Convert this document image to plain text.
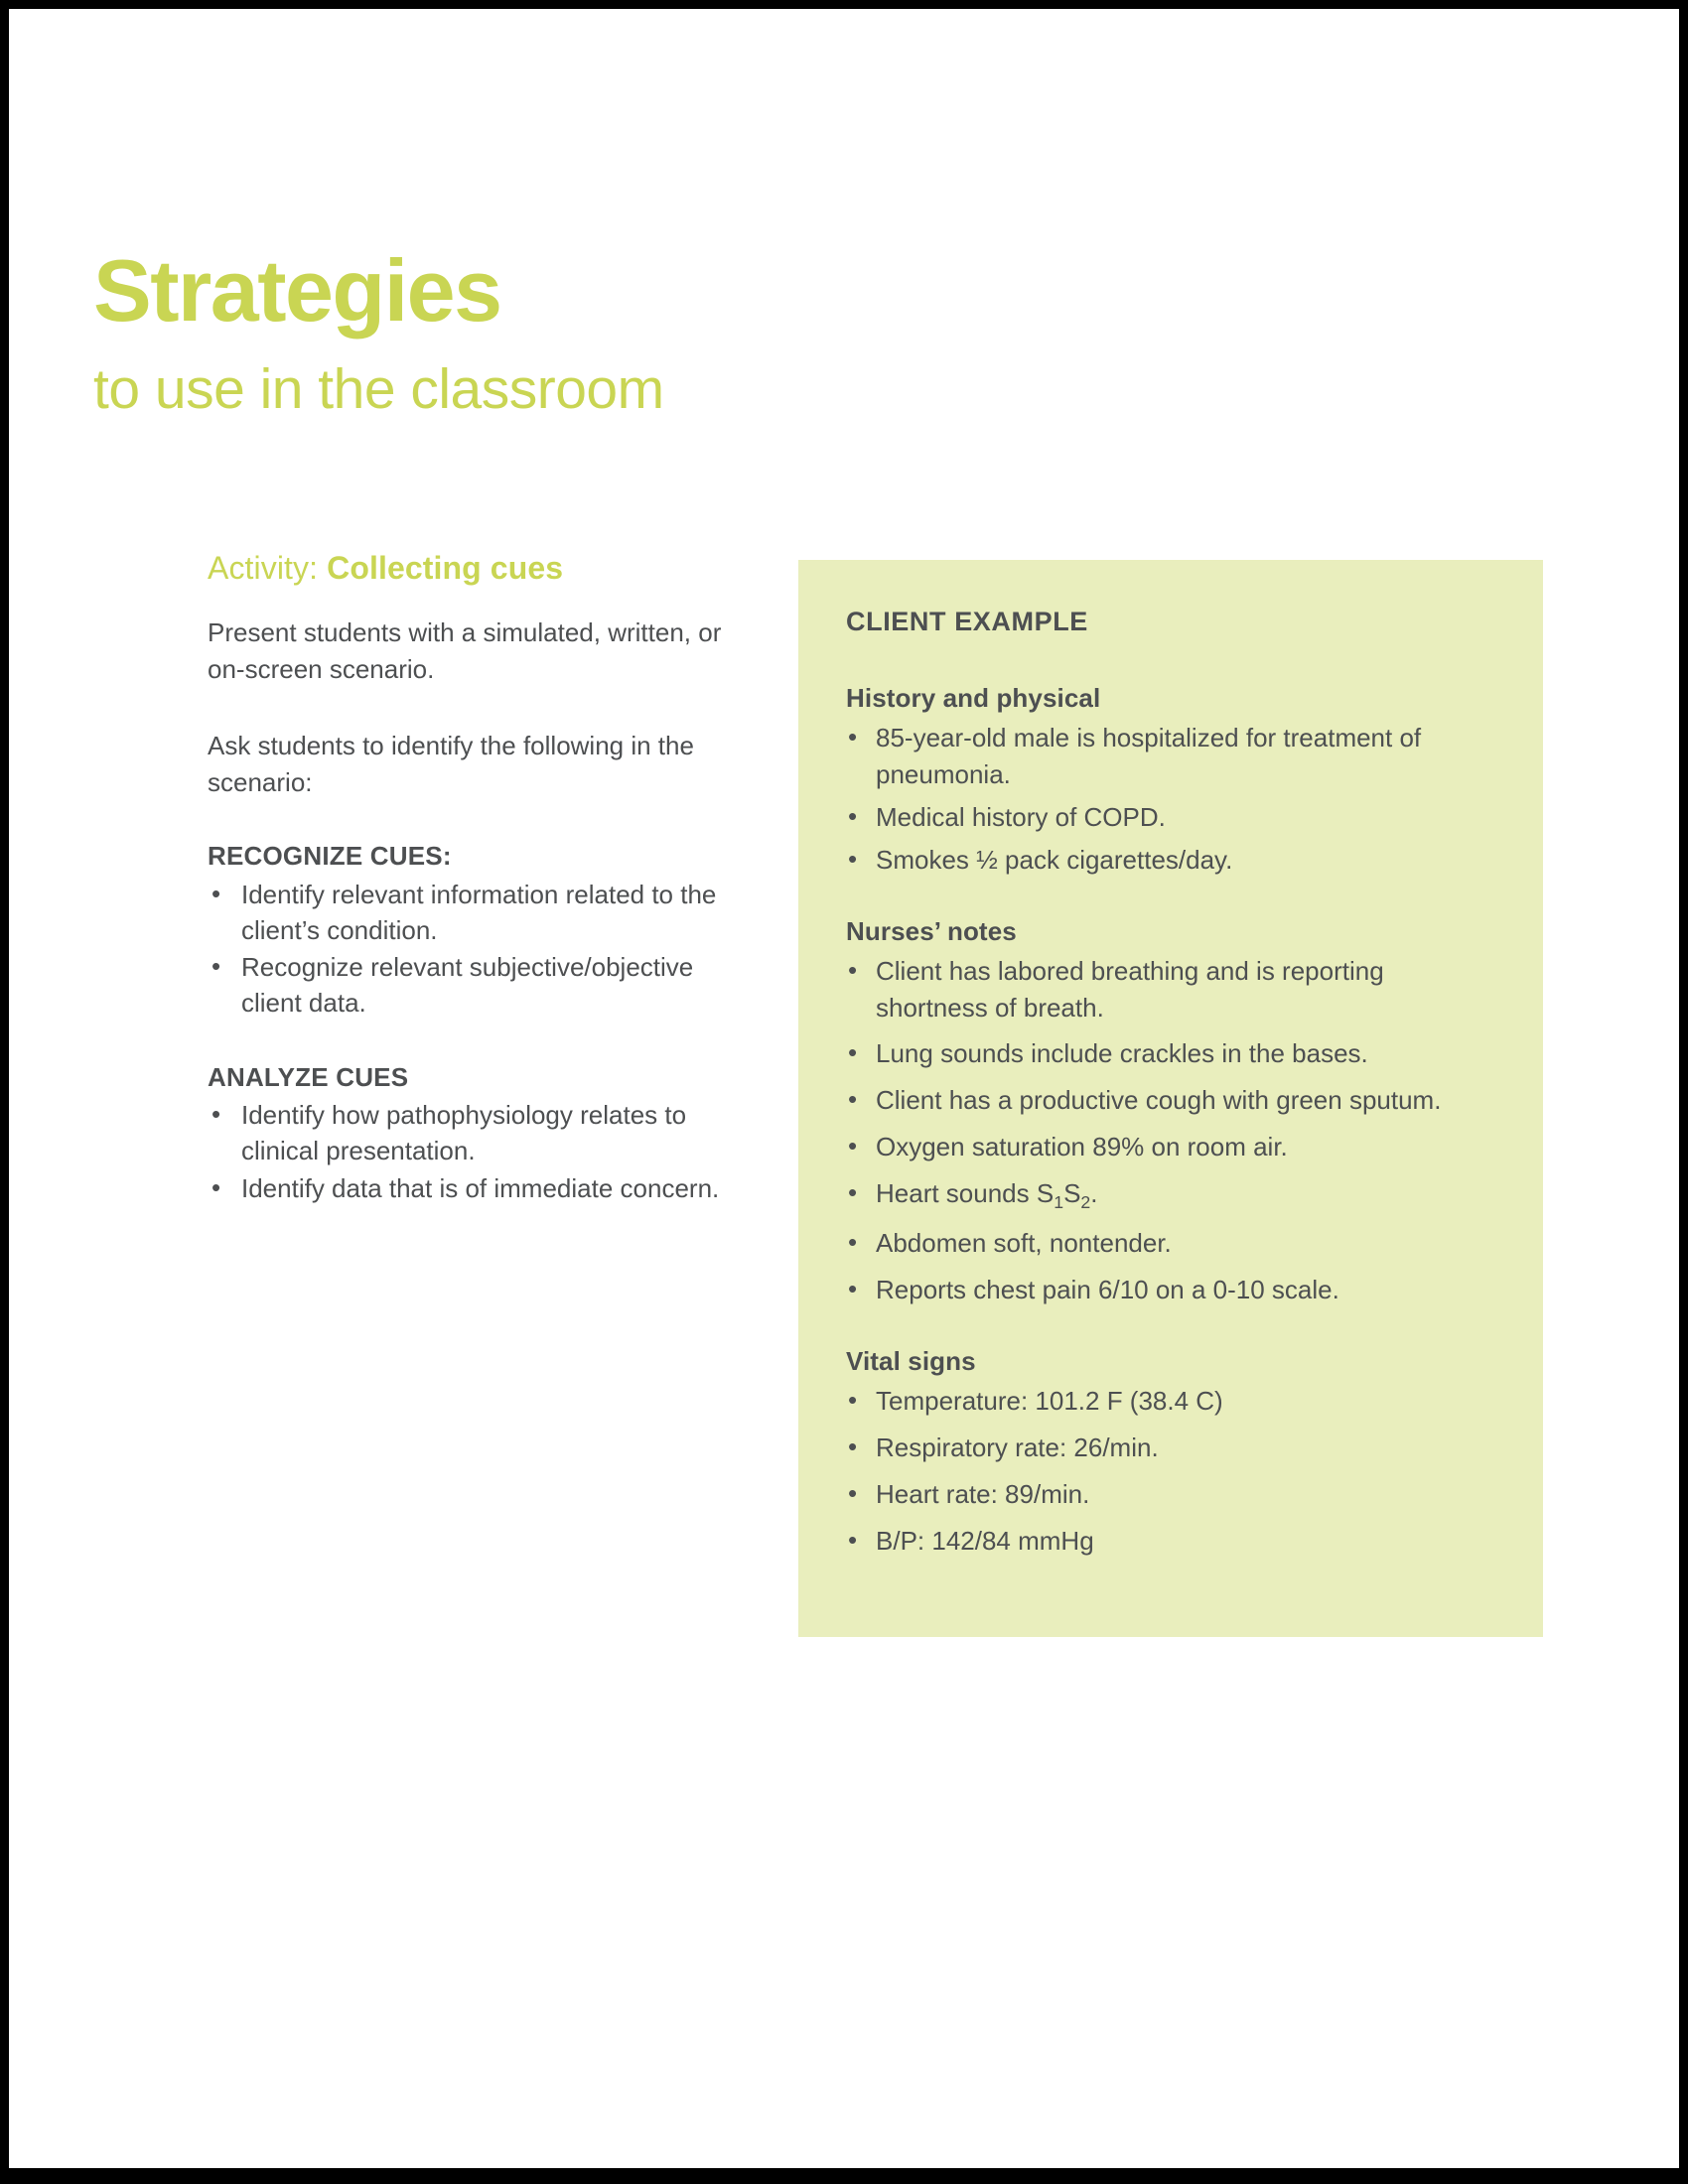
Strategies
to use in the classroom
Activity: Collecting cues

Present students with a simulated, written, or on-screen scenario.

Ask students to identify the following in the scenario:

RECOGNIZE CUES:
• Identify relevant information related to the client’s condition.
• Recognize relevant subjective/objective client data.
ANALYZE CUES
• Identify how pathophysiology relates to clinical presentation.
• Identify data that is of immediate concern.
CLIENT EXAMPLE
History and physical
• 85-year-old male is hospitalized for treatment of pneumonia.
• Medical history of COPD.
• Smokes ½ pack cigarettes/day.
Nurses’ notes
• Client has labored breathing and is reporting shortness of breath.
• Lung sounds include crackles in the bases.
• Client has a productive cough with green sputum.
• Oxygen saturation 89% on room air.
• Heart sounds $S_1S_2$.
• Abdomen soft, nontender.
• Reports chest pain 6/10 on a 0-10 scale.
Vital signs
• Temperature: 101.2 F (38.4 C)
• Respiratory rate: 26/min.
• Heart rate: 89/min.
• B/P: 142/84 mmHg
